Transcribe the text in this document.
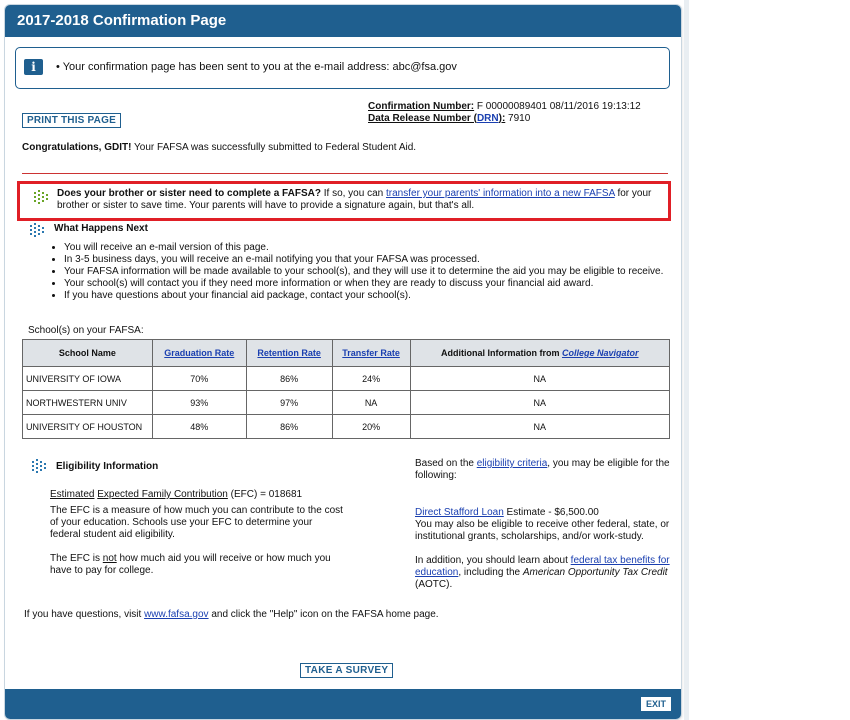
2017-2018 Confirmation Page
i	• Your confirmation page has been sent to you at the e-mail address: abc@fsa.gov
PRINT THIS PAGE
Confirmation Number: F 00000089401 08/11/2016 19:13:12
Data Release Number (DRN): 7910
Congratulations, GDIT! Your FAFSA was successfully submitted to Federal Student Aid.
Does your brother or sister need to complete a FAFSA? If so, you can transfer your parents' information into a new FAFSA for your brother or sister to save time. Your parents will have to provide a signature again, but that's all.
What Happens Next
• You will receive an e-mail version of this page.
• In 3-5 business days, you will receive an e-mail notifying you that your FAFSA was processed.
• Your FAFSA information will be made available to your school(s), and they will use it to determine the aid you may be eligible to receive.
• Your school(s) will contact you if they need more information or when they are ready to discuss your financial aid award.
• If you have questions about your financial aid package, contact your school(s).
School(s) on your FAFSA:
School Name	Graduation Rate	Retention Rate	Transfer Rate	Additional Information from College Navigator
UNIVERSITY OF IOWA	70%	86%	24%	NA
NORTHWESTERN UNIV	93%	97%	NA	NA
UNIVERSITY OF HOUSTON	48%	86%	20%	NA
Eligibility Information

Estimated Expected Family Contribution (EFC) = 018681

The EFC is a measure of how much you can contribute to the cost of your education. Schools use your EFC to determine your federal student aid eligibility.

The EFC is not how much aid you will receive or how much you have to pay for college.

Based on the eligibility criteria, you may be eligible for the following:

Direct Stafford Loan Estimate - $6,500.00

You may also be eligible to receive other federal, state, or institutional grants, scholarships, and/or work-study.

In addition, you should learn about federal tax benefits for education, including the American Opportunity Tax Credit (AOTC).

If you have questions, visit www.fafsa.gov and click the "Help" icon on the FAFSA home page.
TAKE A SURVEY
EXIT
